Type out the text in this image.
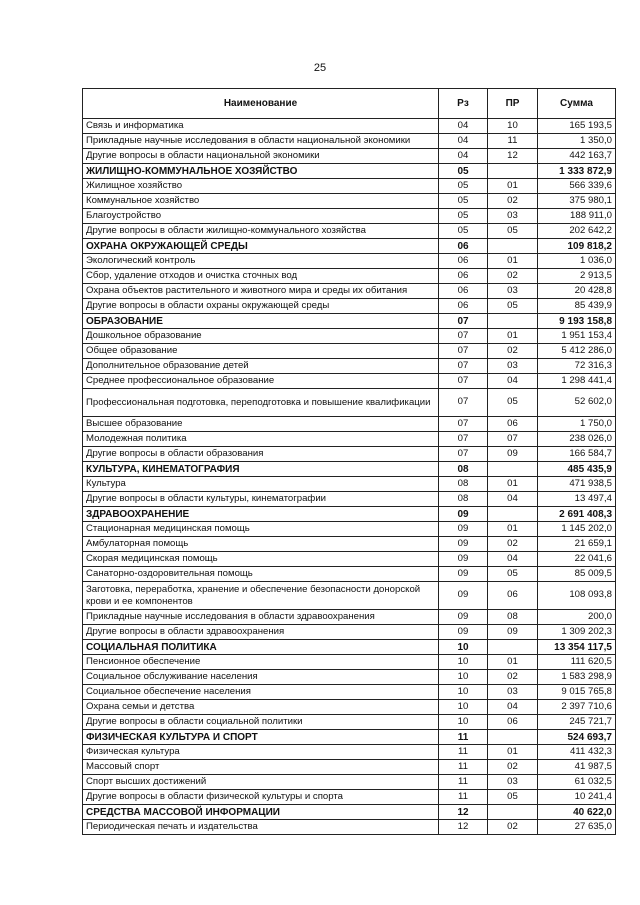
25
Наименование	Рз	ПР	Сумма
Связь и информатика	04	10	165 193,5
Прикладные научные исследования в области национальной экономики	04	11	1 350,0
Другие вопросы в области национальной экономики	04	12	442 163,7
ЖИЛИЩНО-КОММУНАЛЬНОЕ ХОЗЯЙСТВО	05		1 333 872,9
Жилищное хозяйство	05	01	566 339,6
Коммунальное хозяйство	05	02	375 980,1
Благоустройство	05	03	188 911,0
Другие вопросы в области жилищно-коммунального хозяйства	05	05	202 642,2
ОХРАНА ОКРУЖАЮЩЕЙ СРЕДЫ	06		109 818,2
Экологический контроль	06	01	1 036,0
Сбор, удаление отходов и очистка сточных вод	06	02	2 913,5
Охрана объектов растительного и животного мира и среды их обитания	06	03	20 428,8
Другие вопросы в области охраны окружающей среды	06	05	85 439,9
ОБРАЗОВАНИЕ	07		9 193 158,8
Дошкольное образование	07	01	1 951 153,4
Общее образование	07	02	5 412 286,0
Дополнительное образование детей	07	03	72 316,3
Среднее профессиональное образование	07	04	1 298 441,4
Профессиональная подготовка, переподготовка и повышение квалификации	07	05	52 602,0
Высшее образование	07	06	1 750,0
Молодежная политика	07	07	238 026,0
Другие вопросы в области образования	07	09	166 584,7
КУЛЬТУРА, КИНЕМАТОГРАФИЯ	08		485 435,9
Культура	08	01	471 938,5
Другие вопросы в области культуры, кинематографии	08	04	13 497,4
ЗДРАВООХРАНЕНИЕ	09		2 691 408,3
Стационарная медицинская помощь	09	01	1 145 202,0
Амбулаторная помощь	09	02	21 659,1
Скорая медицинская помощь	09	04	22 041,6
Санаторно-оздоровительная помощь	09	05	85 009,5
Заготовка, переработка, хранение и обеспечение безопасности донорской крови и ее компонентов	09	06	108 093,8
Прикладные научные исследования в области здравоохранения	09	08	200,0
Другие вопросы в области здравоохранения	09	09	1 309 202,3
СОЦИАЛЬНАЯ ПОЛИТИКА	10		13 354 117,5
Пенсионное обеспечение	10	01	111 620,5
Социальное обслуживание населения	10	02	1 583 298,9
Социальное обеспечение населения	10	03	9 015 765,8
Охрана семьи и детства	10	04	2 397 710,6
Другие вопросы в области социальной политики	10	06	245 721,7
ФИЗИЧЕСКАЯ КУЛЬТУРА И СПОРТ	11		524 693,7
Физическая культура	11	01	411 432,3
Массовый спорт	11	02	41 987,5
Спорт высших достижений	11	03	61 032,5
Другие вопросы в области физической культуры и спорта	11	05	10 241,4
СРЕДСТВА МАССОВОЙ ИНФОРМАЦИИ	12		40 622,0
Периодическая печать и издательства	12	02	27 635,0
